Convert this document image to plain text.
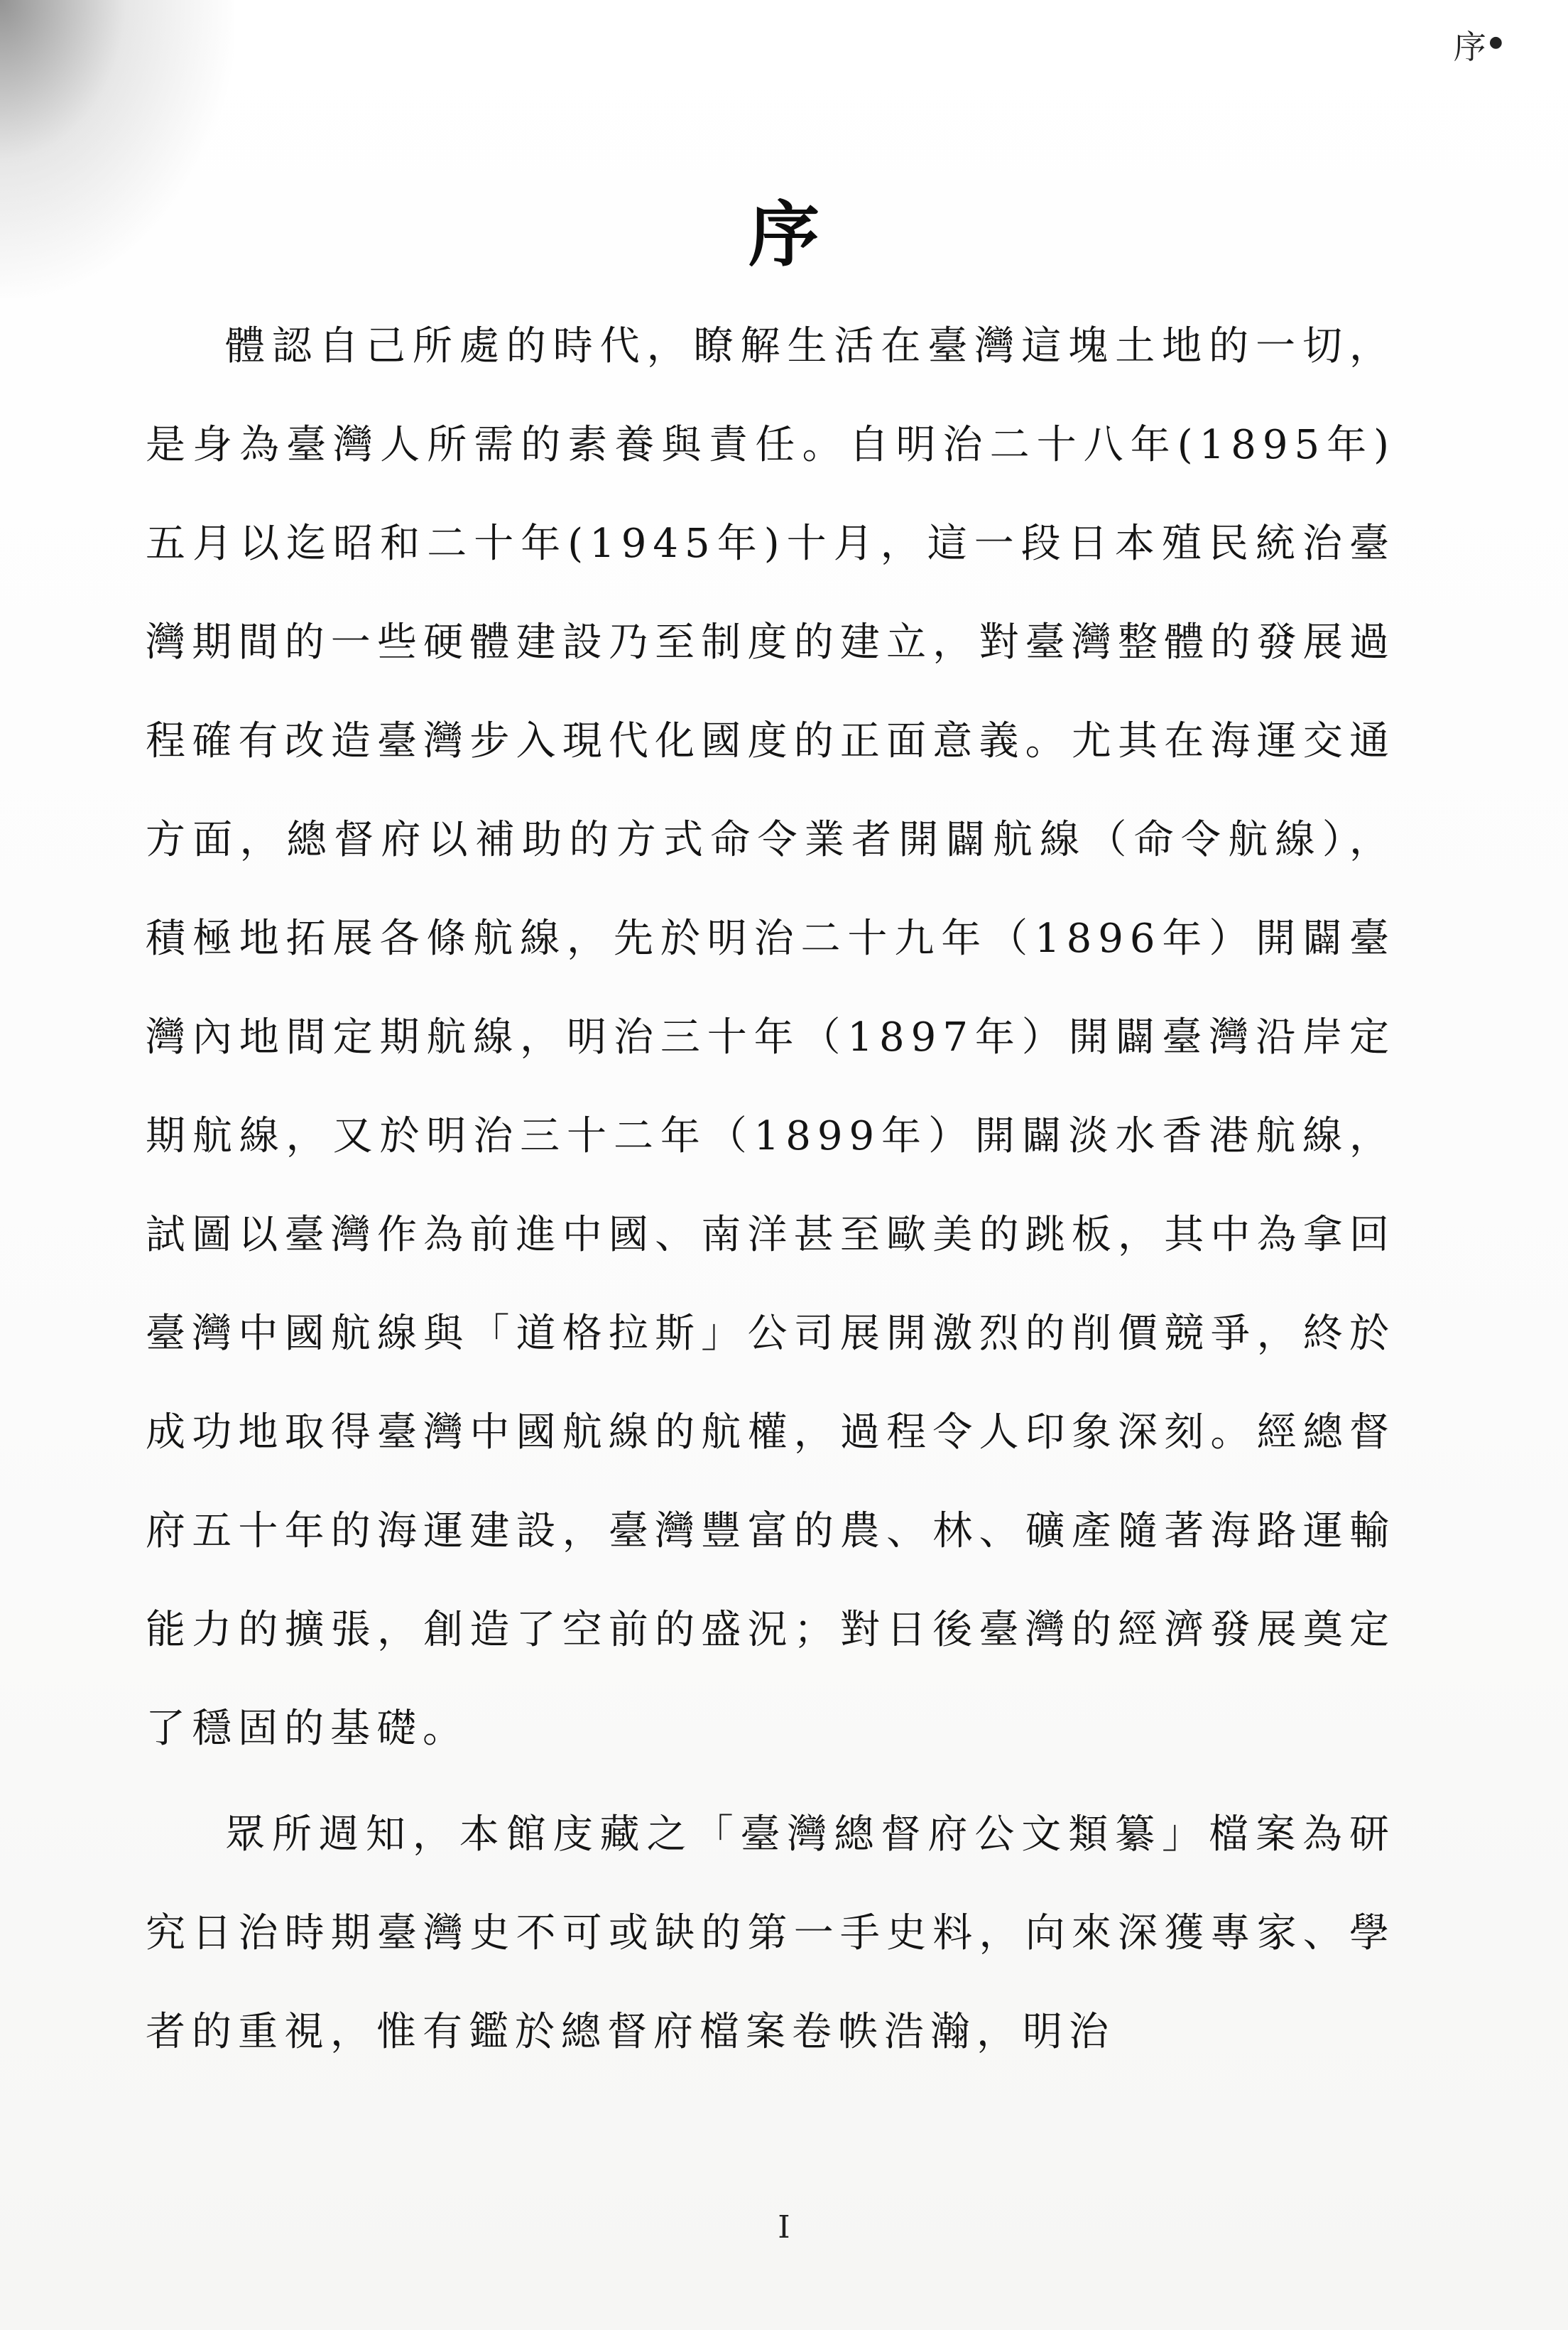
序●
序

體認自己所處的時代，瞭解生活在臺灣這塊土地的一切，是身為臺灣人所需的素養與責任。自明治二十八年(1895年)五月以迄昭和二十年(1945年)十月，這一段日本殖民統治臺灣期間的一些硬體建設乃至制度的建立，對臺灣整體的發展過程確有改造臺灣步入現代化國度的正面意義。尤其在海運交通方面，總督府以補助的方式命令業者開闢航線（命令航線），積極地拓展各條航線，先於明治二十九年（1896年）開闢臺灣內地間定期航線，明治三十年（1897年）開闢臺灣沿岸定期航線，又於明治三十二年（1899年）開闢淡水香港航線，試圖以臺灣作為前進中國、南洋甚至歐美的跳板，其中為拿回臺灣中國航線與「道格拉斯」公司展開激烈的削價競爭，終於成功地取得臺灣中國航線的航權，過程令人印象深刻。經總督府五十年的海運建設，臺灣豐富的農、林、礦產隨著海路運輸能力的擴張，創造了空前的盛況；對日後臺灣的經濟發展奠定了穩固的基礎。

眾所週知，本館庋藏之「臺灣總督府公文類纂」檔案為研究日治時期臺灣史不可或缺的第一手史料，向來深獲專家、學者的重視，惟有鑑於總督府檔案卷帙浩瀚，明治

I
